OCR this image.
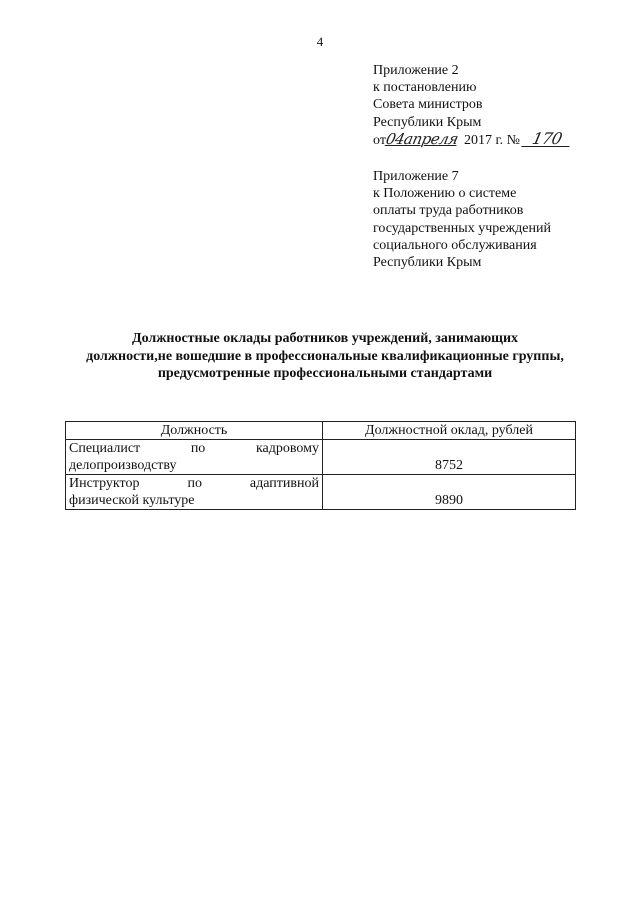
4
Приложение 2
к постановлению
Совета министров
Республики Крым
от04апреля 2017 г. № 170
Приложение 7
к Положению о системе
оплаты труда работников
государственных учреждений
социального обслуживания
Республики Крым
Должностные оклады работников учреждений, занимающих
должности,не вошедшие в профессиональные квалификационные группы,
предусмотренные профессиональными стандартами
Должность	Должностной оклад, рублей

Специалист по кадровому
делопроизводству	8752

Инструктор по адаптивной
физической культуре	9890
